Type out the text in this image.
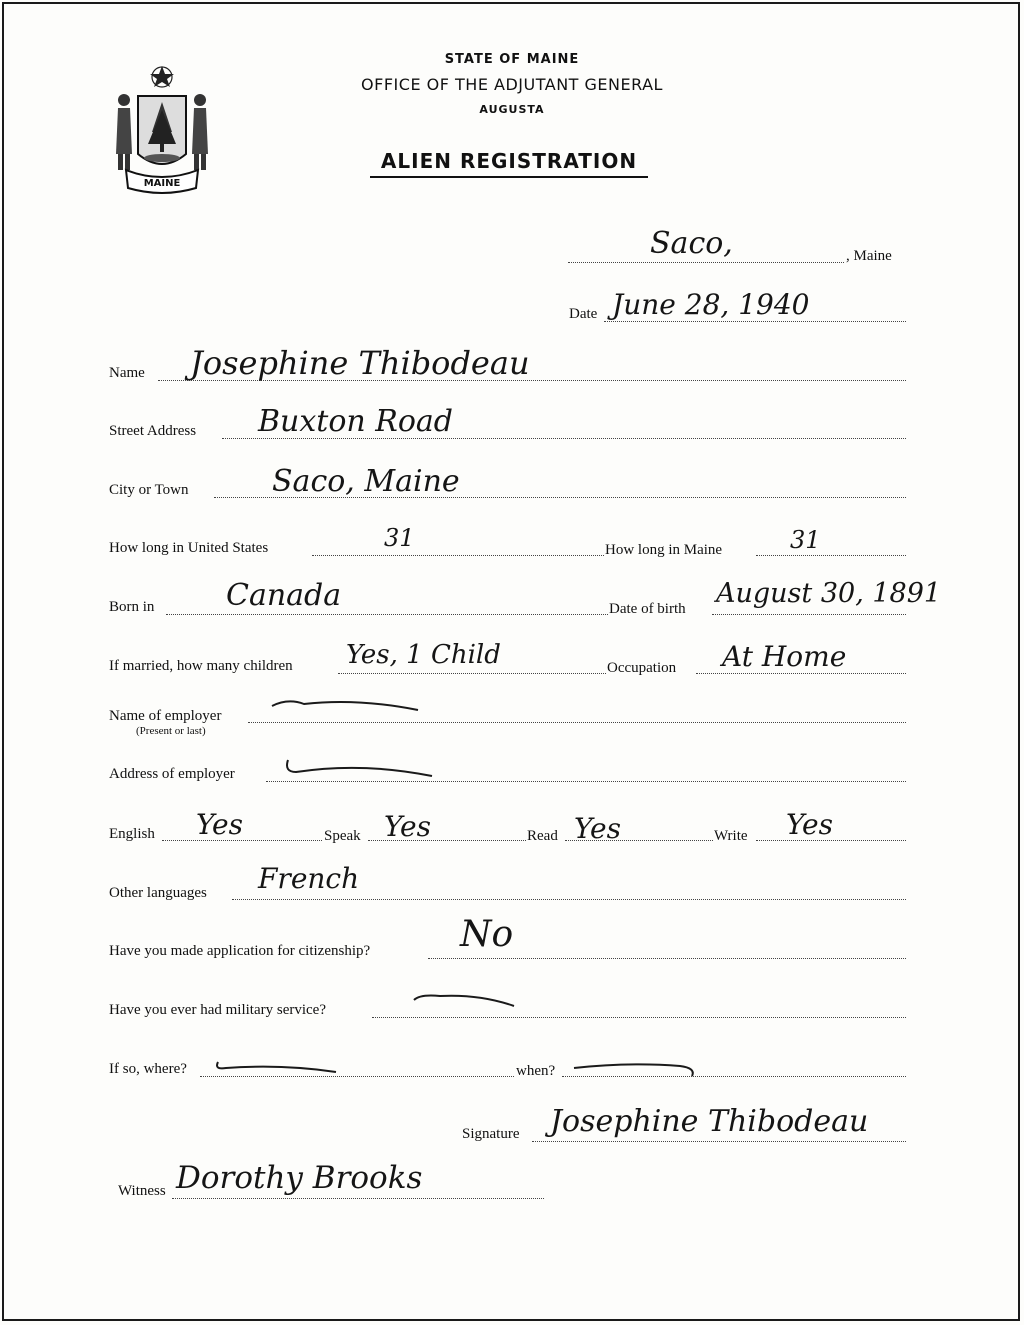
MAINE
STATE OF MAINE
OFFICE OF THE ADJUTANT GENERAL
AUGUSTA
ALIEN REGISTRATION
, Maine
Saco,
Date June 28, 1940
Name Josephine Thibodeau
Street Address Buxton Road
City or Town	Saco, Maine
How long in United States	31	How long in Maine	31
Born in Canada	Date of birth August 30, 1891
If married, how many children Yes, 1 Child	Occupation At Home
Name of employer
(Present or last)
Address of employer
English Yes	Speak Yes	Read Yes	Write Yes
Other languages French
Have you made application for citizenship? No
Have you ever had military service?
If so, where?	when?
Signature Josephine Thibodeau
Witness Dorothy Brooks
